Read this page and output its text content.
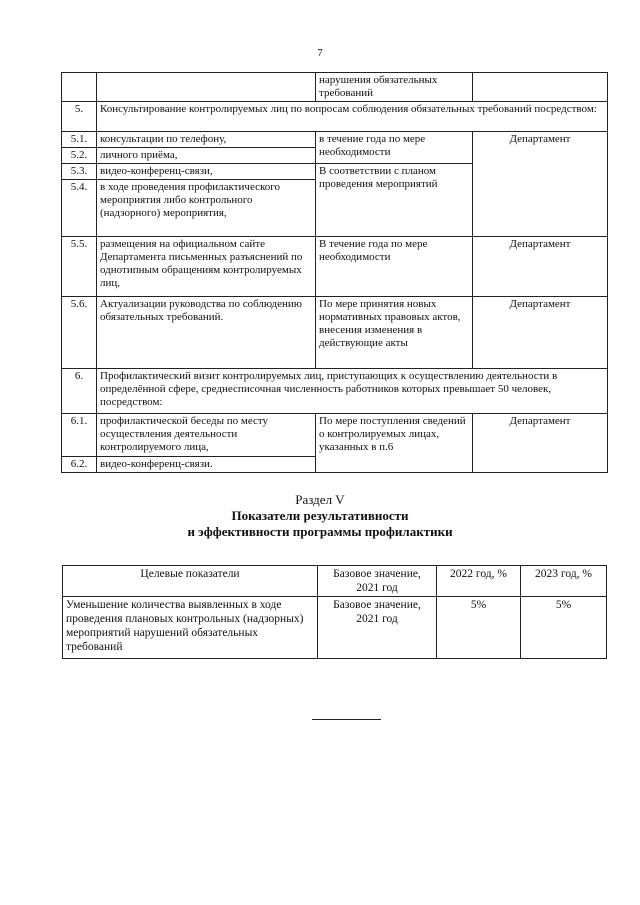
7
		нарушения обязательных требований	
5.	Консультирование контролируемых лиц по вопросам соблюдения обязательных требований посредством:		
5.1.	консультации по телефону,	в течение года по мере необходимости	Департамент
5.2.	личного приёма,		
5.3.	видео-конференц-связи,	В соответствии с планом проведения мероприятий	
5.4.	в ходе проведения профилактического мероприятия либо контрольного (надзорного) мероприятия,		
5.5.	размещения на официальном сайте Департамента письменных разъяснений по однотипным обращениям контролируемых лиц,	В течение года по мере необходимости	Департамент
5.6.	Актуализации руководства по соблюдению обязательных требований.	По мере принятия новых нормативных правовых актов, внесения изменения в действующие акты	Департамент
6.	Профилактический визит контролируемых лиц, приступающих к осуществлению деятельности в определённой сфере, среднесписочная численность работников которых превышает 50 человек, посредством:		
6.1.	профилактической беседы по месту осуществления деятельности контролируемого лица,	По мере поступления сведений о контролируемых лицах, указанных в п.6	Департамент
6.2.	видео-конференц-связи.		
Раздел V
Показатели результативности
и эффективности программы профилактики
Целевые показатели	Базовое значение, 2021 год	2022 год, %	2023 год, %
Уменьшение количества выявленных в ходе проведения плановых контрольных (надзорных) мероприятий нарушений обязательных требований	Базовое значение, 2021 год	5%	5%
